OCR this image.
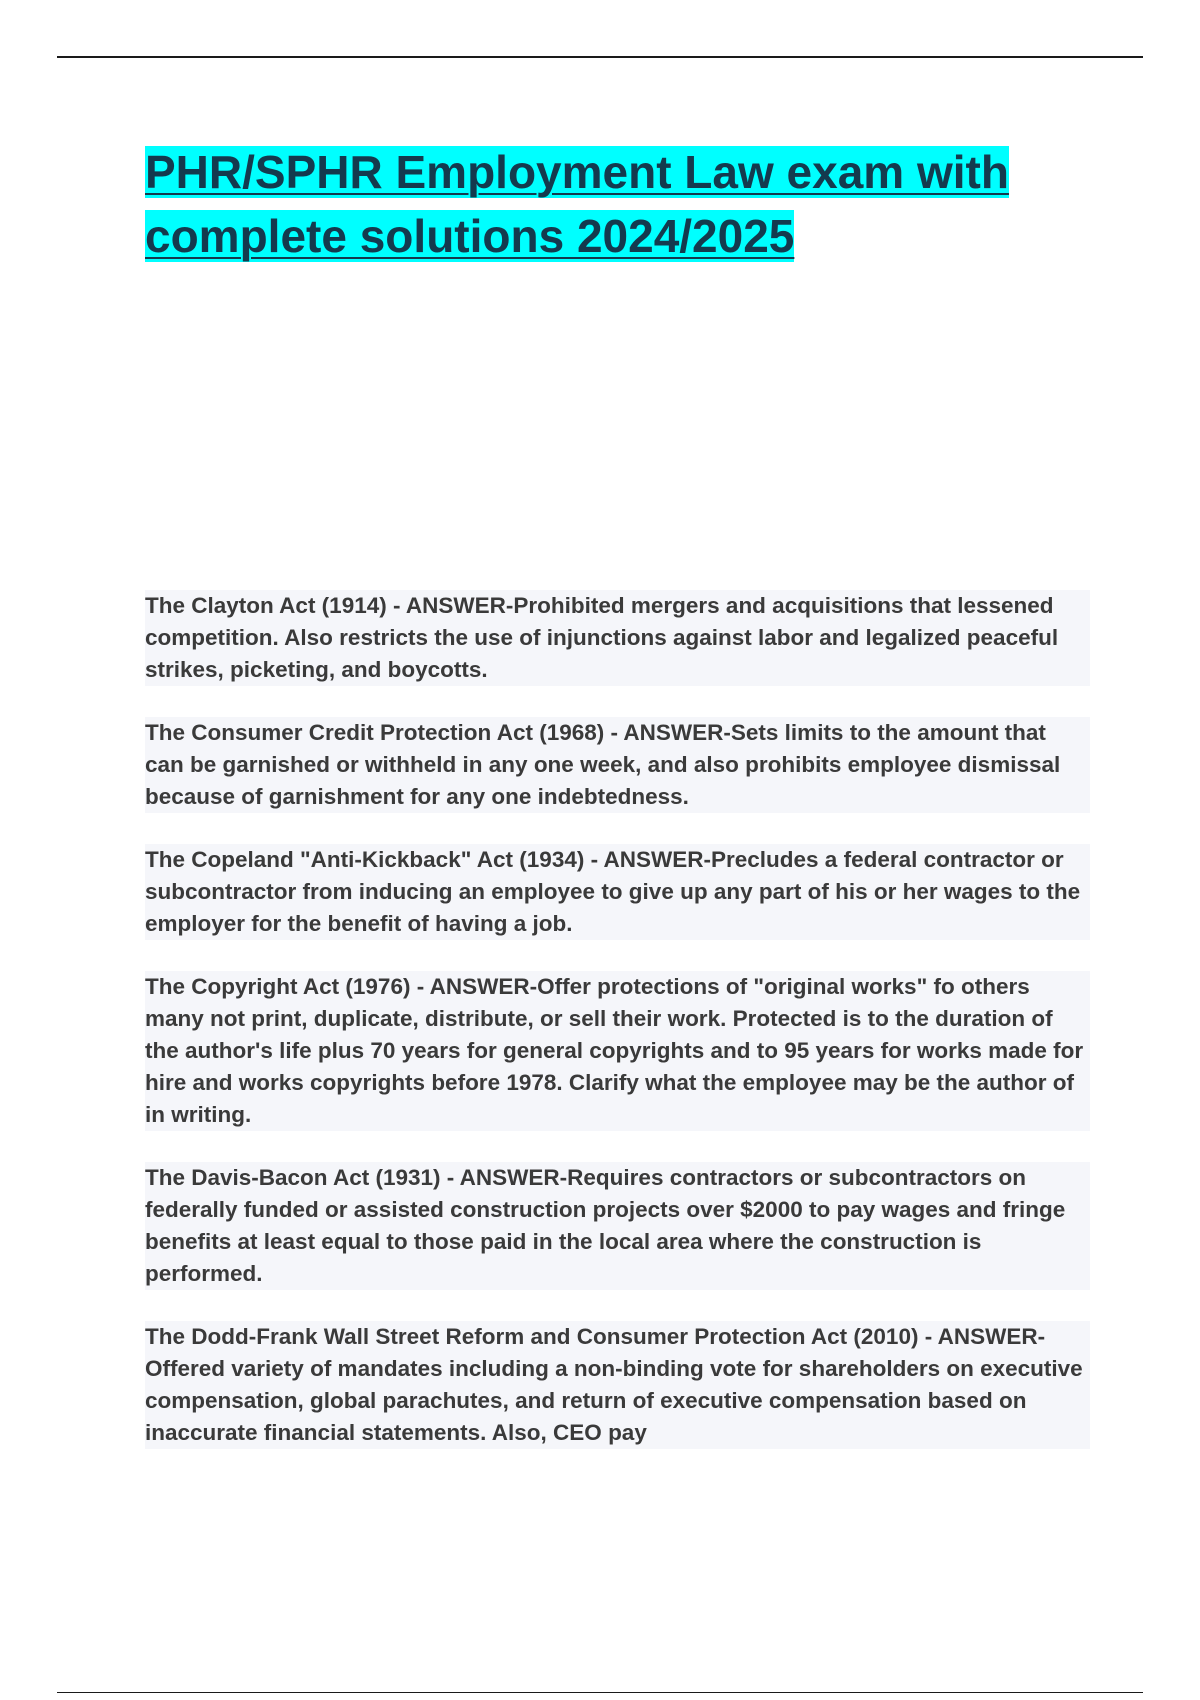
PHR/SPHR Employment Law exam with
complete solutions 2024/2025

The Clayton Act (1914) - ANSWER-Prohibited mergers and acquisitions that lessened competition. Also restricts the use of injunctions against labor and legalized peaceful strikes, picketing, and boycotts.

The Consumer Credit Protection Act (1968) - ANSWER-Sets limits to the amount that can be garnished or withheld in any one week, and also prohibits employee dismissal because of garnishment for any one indebtedness.

The Copeland "Anti-Kickback" Act (1934) - ANSWER-Precludes a federal contractor or subcontractor from inducing an employee to give up any part of his or her wages to the employer for the benefit of having a job.

The Copyright Act (1976) - ANSWER-Offer protections of "original works" fo others many not print, duplicate, distribute, or sell their work. Protected is to the duration of the author's life plus 70 years for general copyrights and to 95 years for works made for hire and works copyrights before 1978. Clarify what the employee may be the author of in writing.

The Davis-Bacon Act (1931) - ANSWER-Requires contractors or subcontractors on federally funded or assisted construction projects over $2000 to pay wages and fringe benefits at least equal to those paid in the local area where the construction is performed.

The Dodd-Frank Wall Street Reform and Consumer Protection Act (2010) - ANSWER-Offered variety of mandates including a non-binding vote for shareholders on executive compensation, global parachutes, and return of executive compensation based on inaccurate financial statements. Also, CEO pay
